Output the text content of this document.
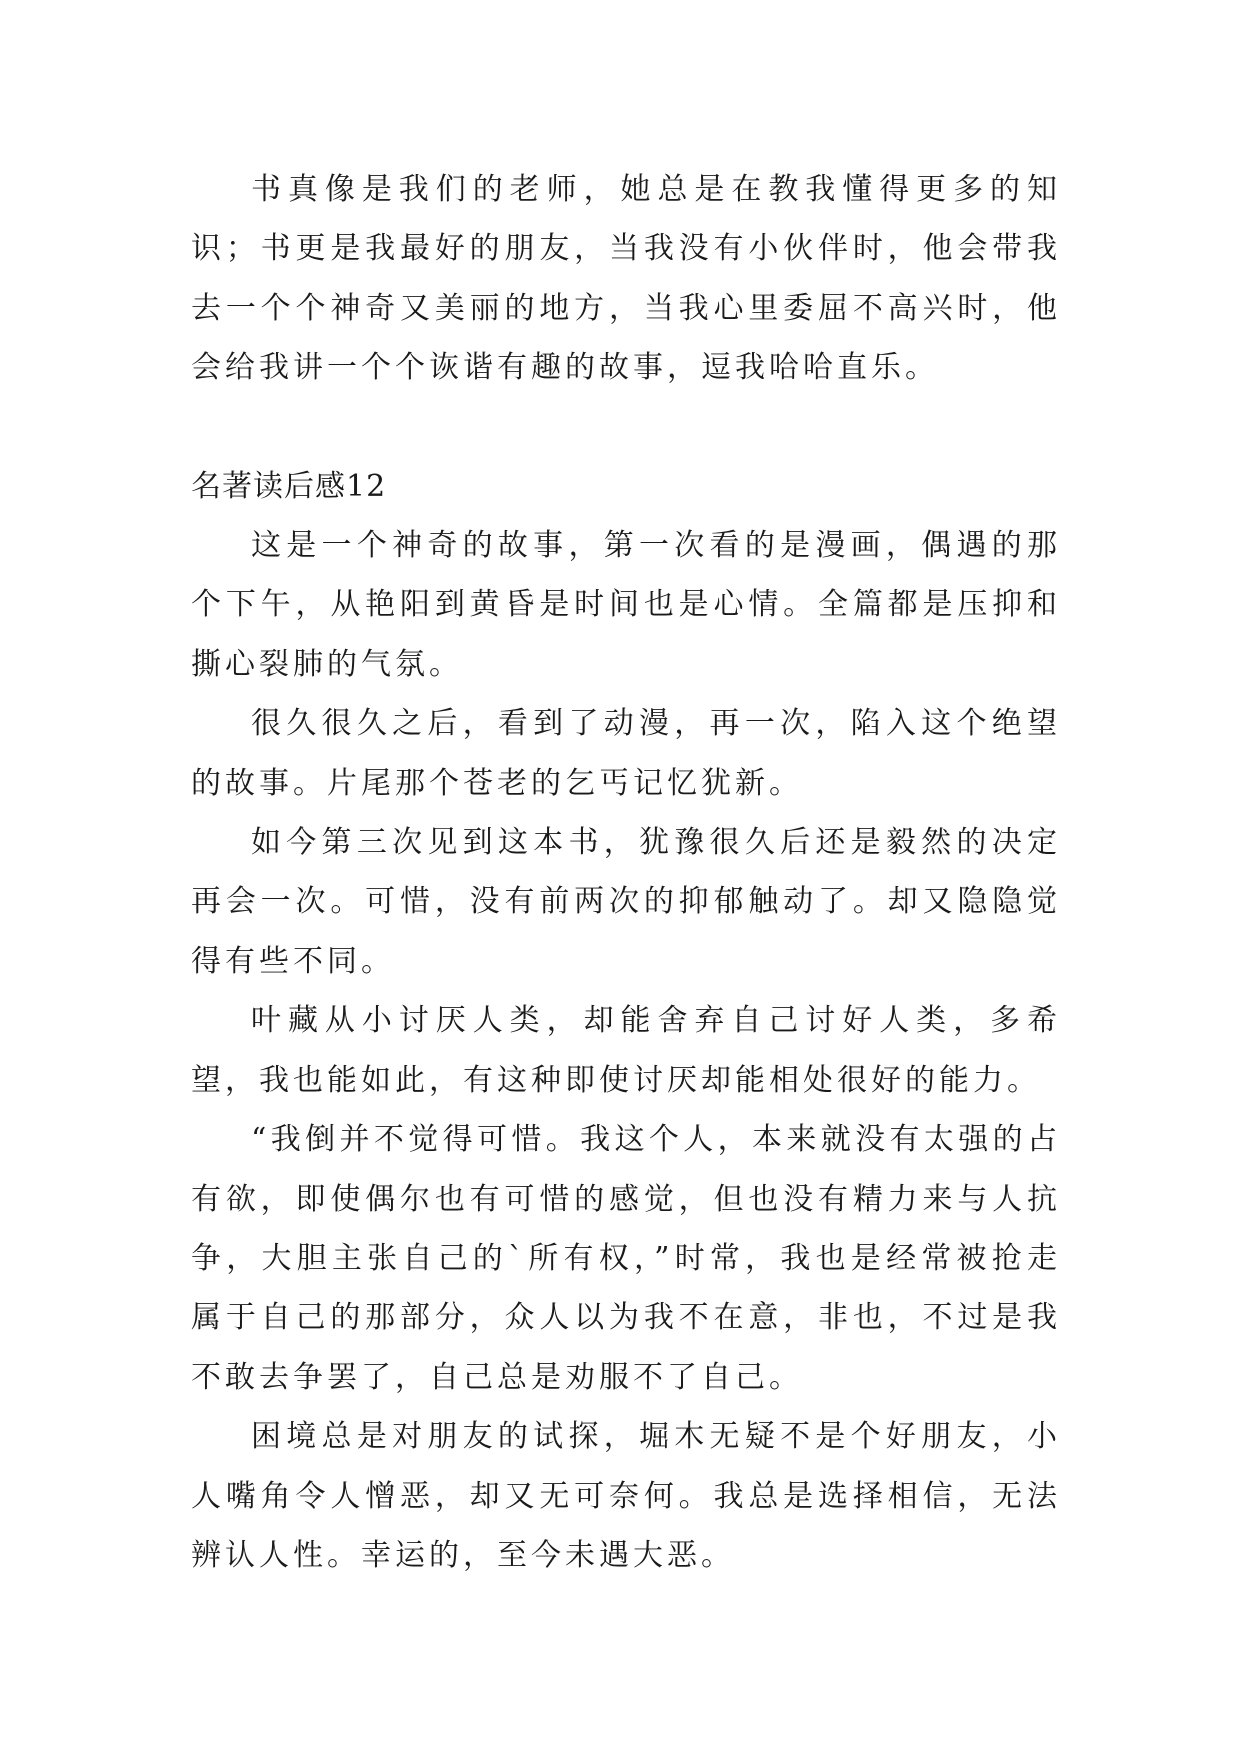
书真像是我们的老师，她总是在教我懂得更多的知识；书更是我最好的朋友，当我没有小伙伴时，他会带我去一个个神奇又美丽的地方，当我心里委屈不高兴时，他会给我讲一个个诙谐有趣的故事，逗我哈哈直乐。

名著读后感12

这是一个神奇的故事，第一次看的是漫画，偶遇的那个下午，从艳阳到黄昏是时间也是心情。全篇都是压抑和撕心裂肺的气氛。

很久很久之后，看到了动漫，再一次，陷入这个绝望的故事。片尾那个苍老的乞丐记忆犹新。

如今第三次见到这本书，犹豫很久后还是毅然的决定再会一次。可惜，没有前两次的抑郁触动了。却又隐隐觉得有些不同。

叶藏从小讨厌人类，却能舍弃自己讨好人类，多希望，我也能如此，有这种即使讨厌却能相处很好的能力。

“我倒并不觉得可惜。我这个人，本来就没有太强的占有欲，即使偶尔也有可惜的感觉，但也没有精力来与人抗争，大胆主张自己的`所有权，”时常，我也是经常被抢走属于自己的那部分，众人以为我不在意，非也，不过是我不敢去争罢了，自己总是劝服不了自己。

困境总是对朋友的试探，堀木无疑不是个好朋友，小人嘴角令人憎恶，却又无可奈何。我总是选择相信，无法辨认人性。幸运的，至今未遇大恶。
